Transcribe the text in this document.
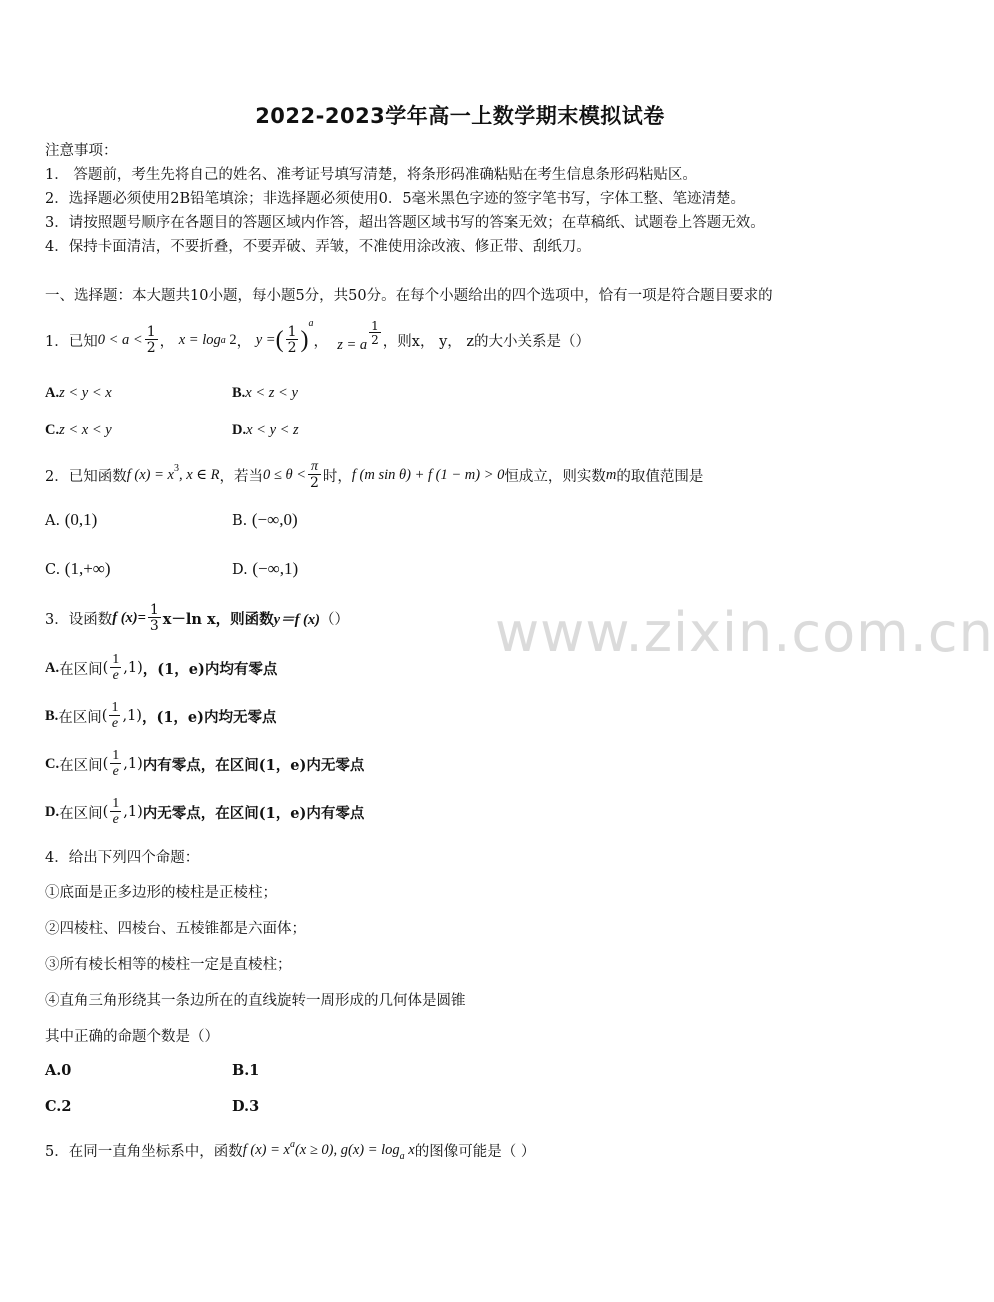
2022-2023学年高一上数学期末模拟试卷
注意事项：
1． 答题前，考生先将自己的姓名、准考证号填写清楚，将条形码准确粘贴在考生信息条形码粘贴区。
2．选择题必须使用2B铅笔填涂；非选择题必须使用0．5毫米黑色字迹的签字笔书写，字体工整、笔迹清楚。
3．请按照题号顺序在各题目的答题区域内作答，超出答题区域书写的答案无效；在草稿纸、试题卷上答题无效。
4．保持卡面清洁，不要折叠，不要弄破、弄皱，不准使用涂改液、修正带、刮纸刀。
一、选择题：本大题共10小题，每小题5分，共50分。在每个小题给出的四个选项中，恰有一项是符合题目要求的
1．已知 $0 < a < \frac{1}{2}$ ， x = log a
2 ， y = ( $\frac{1}{2}$ )
$^a$
， z = a $\frac{1}{2}$ ，则x， y， z的大小关系是（）
A.z < y < x	B.x < z < y
C.z < x < y	D.x < y < z
2．已知函数 f $(x) = x^3$ , x ∈ R ，若当 $0 \le \theta < \frac{\pi}{2}$ 时， f (m sin θ) + f (1 − m) > 0 恒成立，则实数 m 的取值范围是
A. (0,1)	B. (−∞,0)
C. (1,+∞)	D. (−∞,1)
3．设函数 f $(x)= \frac{1}{3} x-\ln$ x，则函数 y＝f (x) （）
A. 在区间 ( $\frac{1}{e} ,1$) ，(1，e)内均有零点
B. 在区间 ( $\frac{1}{e} ,1$) ，(1，e)内均无零点
C. 在区间 ( $\frac{1}{e} ,1$) 内有零点，在区间(1，e)内无零点
D. 在区间 ( $\frac{1}{e} ,1$) 内无零点，在区间(1，e)内有零点
4．给出下列四个命题：
①底面是正多边形的棱柱是正棱柱；
②四棱柱、四棱台、五棱锥都是六面体；
③所有棱长相等的棱柱一定是直棱柱；
④直角三角形绕其一条边所在的直线旋转一周形成的几何体是圆锥
其中正确的命题个数是（）
A.0	B.1
C.2	D.3
5．在同一直角坐标系中，函数 f $(x) = x^a$ (x ≥ 0), $g(x) = \log_a$
x 的图像可能是（ ）
www.zixin.com.cn
